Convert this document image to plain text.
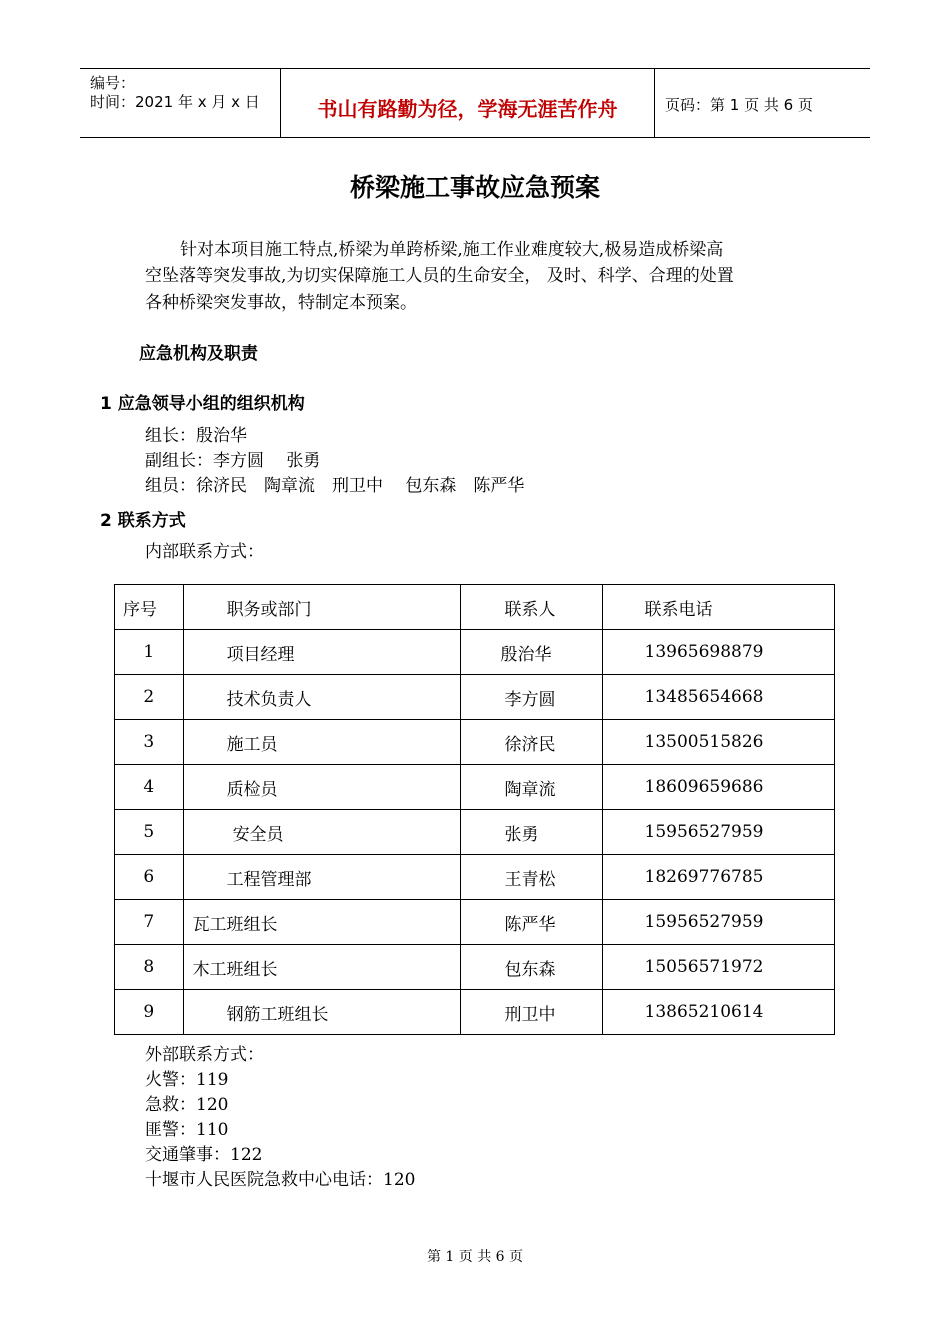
编号：
时间：2021 年 x 月 x 日	书山有路勤为径，学海无涯苦作舟	页码：第 1 页 共 6 页
桥梁施工事故应急预案
针对本项目施工特点,桥梁为单跨桥梁,施工作业难度较大,极易造成桥梁高
空坠落等突发事故,为切实保障施工人员的生命安全， 及时、科学、合理的处置
各种桥梁突发事故，特制定本预案。
应急机构及职责
1 应急领导小组的组织机构
组长：殷治华
副组长：李方圆　 张勇
组员：徐济民　陶章流　刑卫中　 包东森　陈严华
2 联系方式
内部联系方式：
序号	职务或部门	联系人	联系电话
1	项目经理	殷治华	13965698879
2	技术负责人	李方圆	13485654668
3	施工员	徐济民	13500515826
4	质检员	陶章流	18609659686
5	安全员	张勇	15956527959
6	工程管理部	王青松	18269776785
7	瓦工班组长	陈严华	15956527959
8	木工班组长	包东森	15056571972
9	钢筋工班组长	刑卫中	13865210614
外部联系方式：
火警：119
急救：120
匪警：110
交通肇事：122
十堰市人民医院急救中心电话：120
第 1 页 共 6 页
